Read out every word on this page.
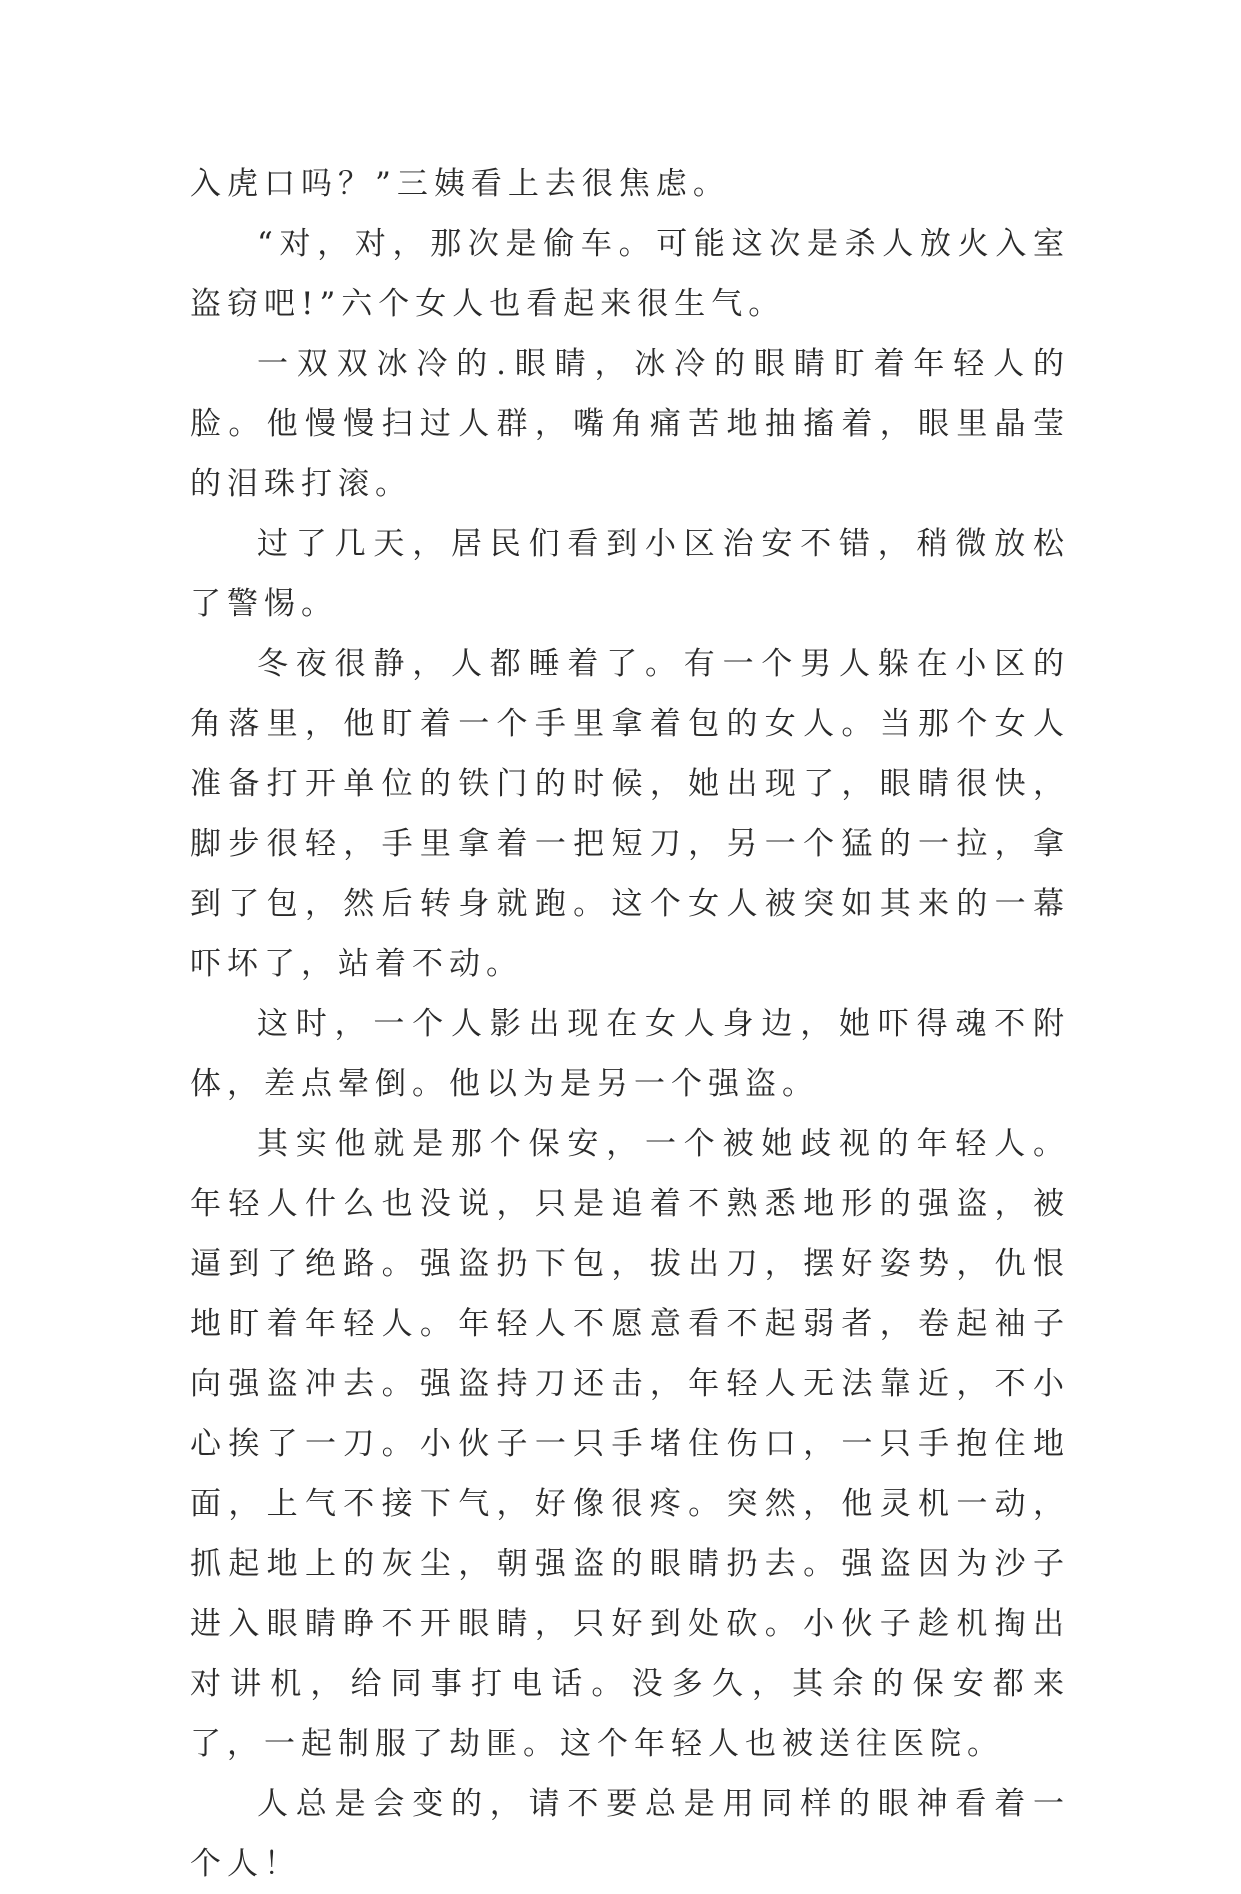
入虎口吗？”三姨看上去很焦虑。

“对，对，那次是偷车。可能这次是杀人放火入室盗窃吧!”六个女人也看起来很生气。

一双双冰冷的.眼睛，冰冷的眼睛盯着年轻人的脸。他慢慢扫过人群，嘴角痛苦地抽搐着，眼里晶莹的泪珠打滚。

过了几天，居民们看到小区治安不错，稍微放松了警惕。

冬夜很静，人都睡着了。有一个男人躲在小区的角落里，他盯着一个手里拿着包的女人。当那个女人准备打开单位的铁门的时候，她出现了，眼睛很快，脚步很轻，手里拿着一把短刀，另一个猛的一拉，拿到了包，然后转身就跑。这个女人被突如其来的一幕吓坏了，站着不动。

这时，一个人影出现在女人身边，她吓得魂不附体，差点晕倒。他以为是另一个强盗。

其实他就是那个保安，一个被她歧视的年轻人。年轻人什么也没说，只是追着不熟悉地形的强盗，被逼到了绝路。强盗扔下包，拔出刀，摆好姿势，仇恨地盯着年轻人。年轻人不愿意看不起弱者，卷起袖子向强盗冲去。强盗持刀还击，年轻人无法靠近，不小心挨了一刀。小伙子一只手堵住伤口，一只手抱住地面，上气不接下气，好像很疼。突然，他灵机一动，抓起地上的灰尘，朝强盗的眼睛扔去。强盗因为沙子进入眼睛睁不开眼睛，只好到处砍。小伙子趁机掏出对讲机，给同事打电话。没多久，其余的保安都来了，一起制服了劫匪。这个年轻人也被送往医院。

人总是会变的，请不要总是用同样的眼神看着一个人！
